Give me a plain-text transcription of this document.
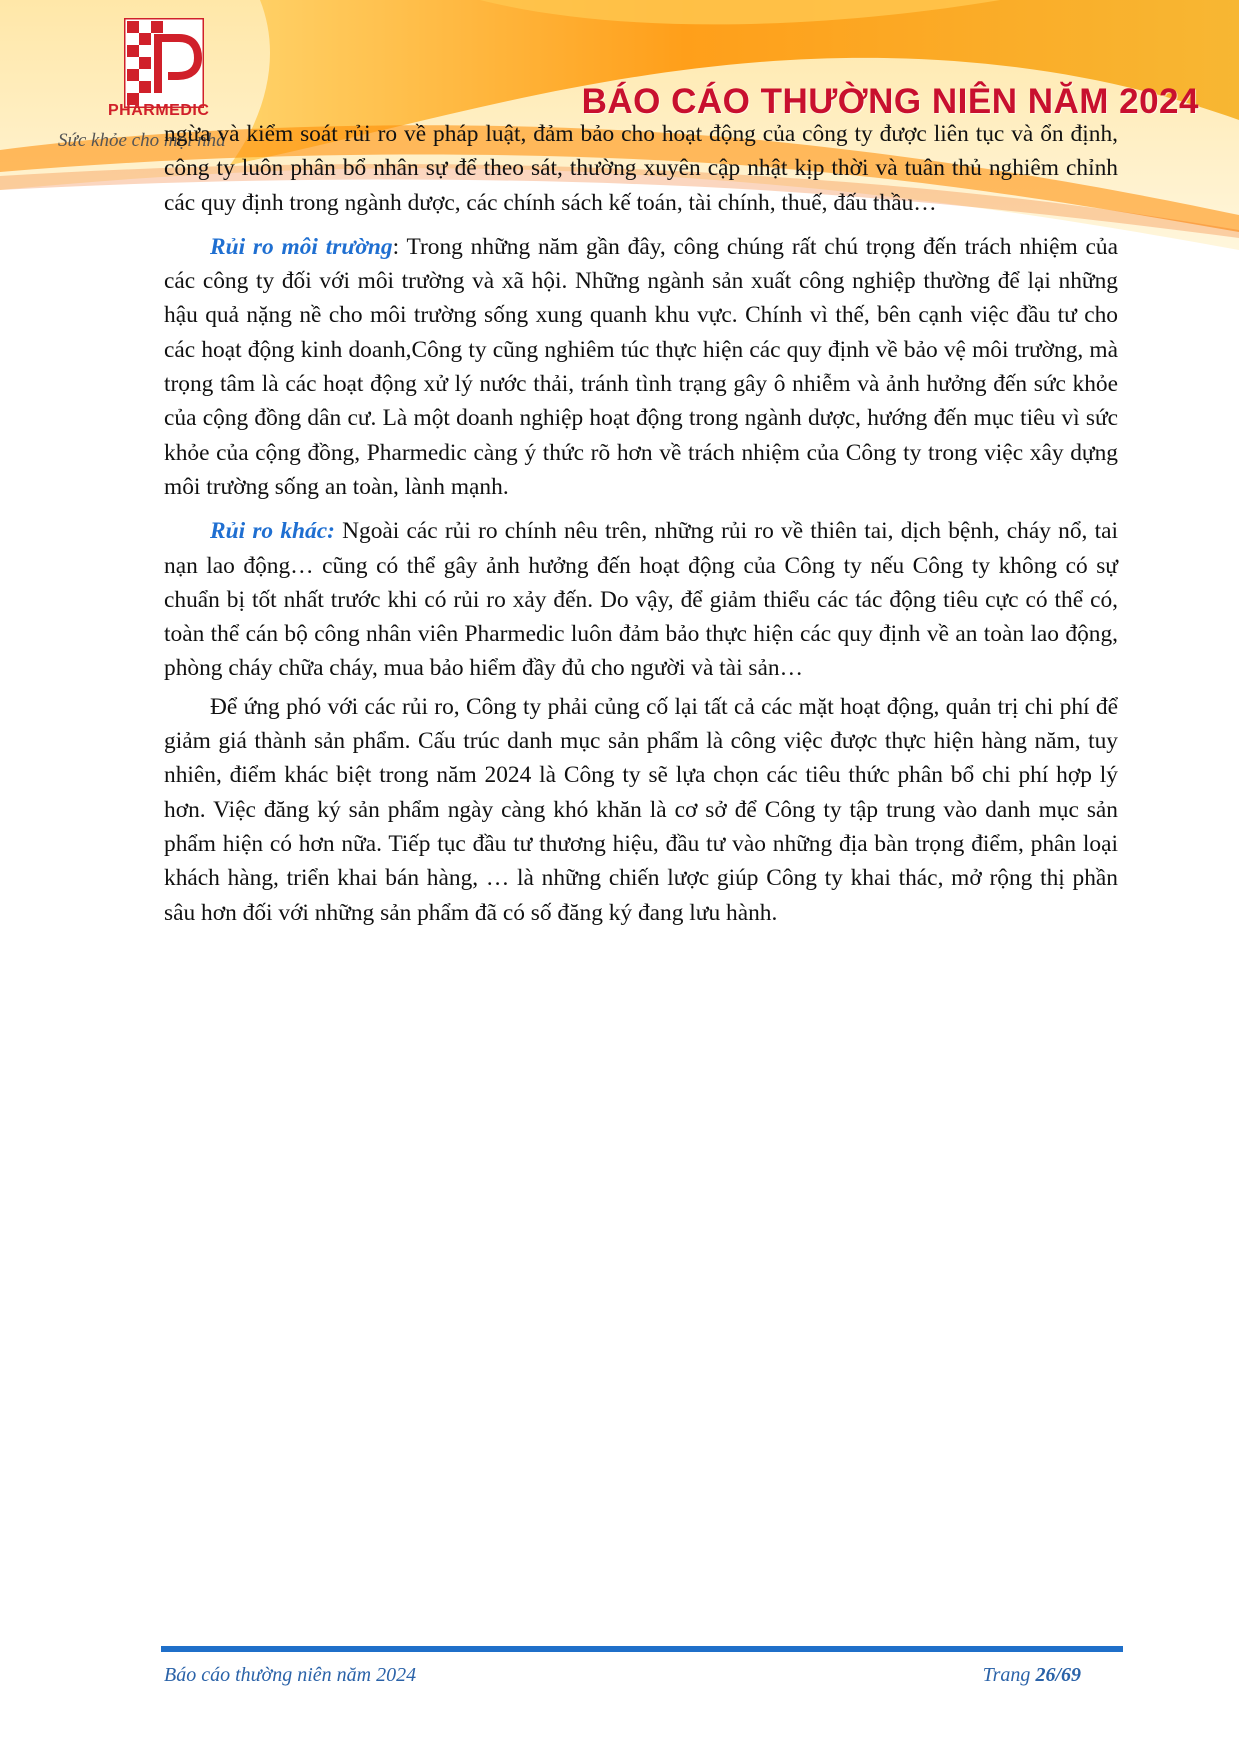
PHARMEDIC
Sức khỏe cho mọi nhà
BÁO CÁO THƯỜNG NIÊN NĂM 2024

ngừa và kiểm soát rủi ro về pháp luật, đảm bảo cho hoạt động của công ty được liên tục và ổn định, công ty luôn phân bổ nhân sự để theo sát, thường xuyên cập nhật kịp thời và tuân thủ nghiêm chỉnh các quy định trong ngành dược, các chính sách kế toán, tài chính, thuế, đấu thầu…

Rủi ro môi trường: Trong những năm gần đây, công chúng rất chú trọng đến trách nhiệm của các công ty đối với môi trường và xã hội. Những ngành sản xuất công nghiệp thường để lại những hậu quả nặng nề cho môi trường sống xung quanh khu vực. Chính vì thế, bên cạnh việc đầu tư cho các hoạt động kinh doanh,Công ty cũng nghiêm túc thực hiện các quy định về bảo vệ môi trường, mà trọng tâm là các hoạt động xử lý nước thải, tránh tình trạng gây ô nhiễm và ảnh hưởng đến sức khỏe của cộng đồng dân cư. Là một doanh nghiệp hoạt động trong ngành dược, hướng đến mục tiêu vì sức khỏe của cộng đồng, Pharmedic càng ý thức rõ hơn về trách nhiệm của Công ty trong việc xây dựng môi trường sống an toàn, lành mạnh.

Rủi ro khác: Ngoài các rủi ro chính nêu trên, những rủi ro về thiên tai, dịch bệnh, cháy nổ, tai nạn lao động… cũng có thể gây ảnh hưởng đến hoạt động của Công ty nếu Công ty không có sự chuẩn bị tốt nhất trước khi có rủi ro xảy đến. Do vậy, để giảm thiểu các tác động tiêu cực có thể có, toàn thể cán bộ công nhân viên Pharmedic luôn đảm bảo thực hiện các quy định về an toàn lao động, phòng cháy chữa cháy, mua bảo hiểm đầy đủ cho người và tài sản…

Để ứng phó với các rủi ro, Công ty phải củng cố lại tất cả các mặt hoạt động, quản trị chi phí để giảm giá thành sản phẩm. Cấu trúc danh mục sản phẩm là công việc được thực hiện hàng năm, tuy nhiên, điểm khác biệt trong năm 2024 là Công ty sẽ lựa chọn các tiêu thức phân bổ chi phí hợp lý hơn. Việc đăng ký sản phẩm ngày càng khó khăn là cơ sở để Công ty tập trung vào danh mục sản phẩm hiện có hơn nữa. Tiếp tục đầu tư thương hiệu, đầu tư vào những địa bàn trọng điểm, phân loại khách hàng, triển khai bán hàng, … là những chiến lược giúp Công ty khai thác, mở rộng thị phần sâu hơn đối với những sản phẩm đã có số đăng ký đang lưu hành.

Báo cáo thường niên năm 2024	Trang 26/69
